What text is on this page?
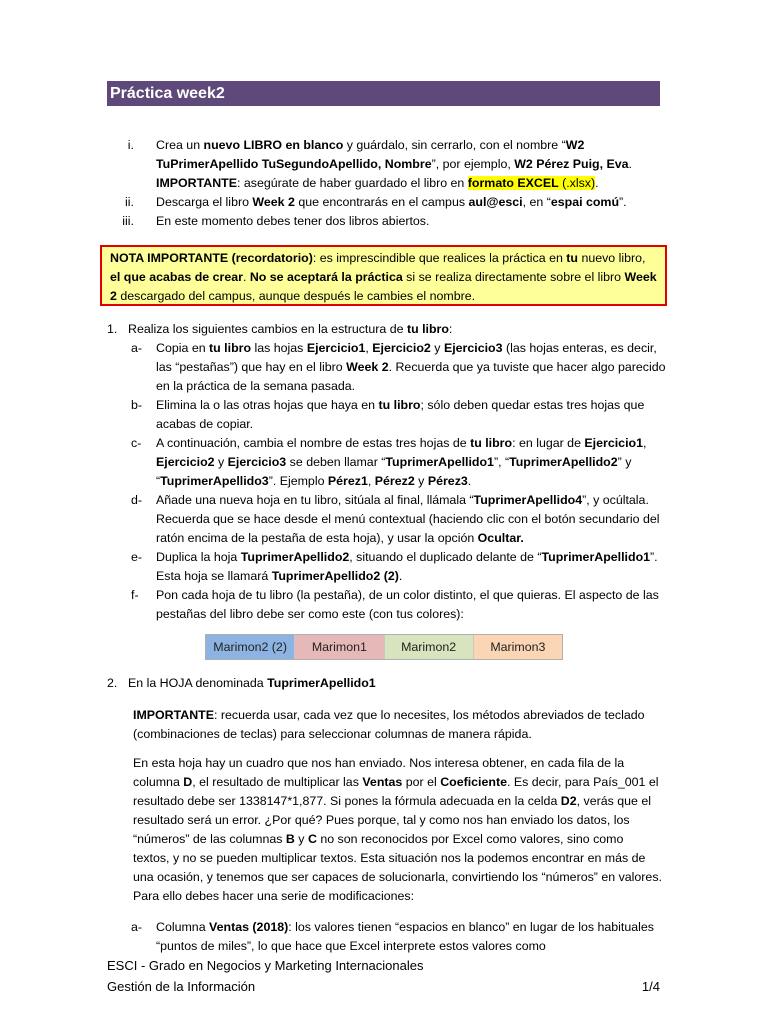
Práctica week2
i. Crea un nuevo LIBRO en blanco y guárdalo, sin cerrarlo, con el nombre “W2 TuPrimerApellido TuSegundoApellido, Nombre”, por ejemplo, W2 Pérez Puig, Eva. IMPORTANTE: asegúrate de haber guardado el libro en formato EXCEL (.xlsx).
ii. Descarga el libro Week 2 que encontrarás en el campus aul@esci, en “espai comú”.
iii. En este momento debes tener dos libros abiertos.
NOTA IMPORTANTE (recordatorio): es imprescindible que realices la práctica en tu nuevo libro, el que acabas de crear. No se aceptará la práctica si se realiza directamente sobre el libro Week 2 descargado del campus, aunque después le cambies el nombre.
1. Realiza los siguientes cambios en la estructura de tu libro:
a- Copia en tu libro las hojas Ejercicio1, Ejercicio2 y Ejercicio3 (las hojas enteras, es decir, las “pestañas”) que hay en el libro Week 2. Recuerda que ya tuviste que hacer algo parecido en la práctica de la semana pasada.
b- Elimina la o las otras hojas que haya en tu libro; sólo deben quedar estas tres hojas que acabas de copiar.
c- A continuación, cambia el nombre de estas tres hojas de tu libro: en lugar de Ejercicio1, Ejercicio2 y Ejercicio3 se deben llamar “TuprimerApellido1”, “TuprimerApellido2” y “TuprimerApellido3”. Ejemplo Pérez1, Pérez2 y Pérez3.
d- Añade una nueva hoja en tu libro, sitúala al final, llámala “TuprimerApellido4”, y ocúltala. Recuerda que se hace desde el menú contextual (haciendo clic con el botón secundario del ratón encima de la pestaña de esta hoja), y usar la opción Ocultar.
e- Duplica la hoja TuprimerApellido2, situando el duplicado delante de “TuprimerApellido1”. Esta hoja se llamará TuprimerApellido2 (2).
f- Pon cada hoja de tu libro (la pestaña), de un color distinto, el que quieras. El aspecto de las pestañas del libro debe ser como este (con tus colores):
Marimon2 (2)	Marimon1	Marimon2	Marimon3
2. En la HOJA denominada TuprimerApellido1
IMPORTANTE: recuerda usar, cada vez que lo necesites, los métodos abreviados de teclado (combinaciones de teclas) para seleccionar columnas de manera rápida.
En esta hoja hay un cuadro que nos han enviado. Nos interesa obtener, en cada fila de la columna D, el resultado de multiplicar las Ventas por el Coeficiente. Es decir, para País_001 el resultado debe ser 1338147*1,877. Si pones la fórmula adecuada en la celda D2, verás que el resultado será un error. ¿Por qué? Pues porque, tal y como nos han enviado los datos, los “números” de las columnas B y C no son reconocidos por Excel como valores, sino como textos, y no se pueden multiplicar textos. Esta situación nos la podemos encontrar en más de una ocasión, y tenemos que ser capaces de solucionarla, convirtiendo los “números” en valores. Para ello debes hacer una serie de modificaciones:
a- Columna Ventas (2018): los valores tienen “espacios en blanco” en lugar de los habituales “puntos de miles”, lo que hace que Excel interprete estos valores como
ESCI - Grado en Negocios y Marketing Internacionales
Gestión de la Información	1/4
